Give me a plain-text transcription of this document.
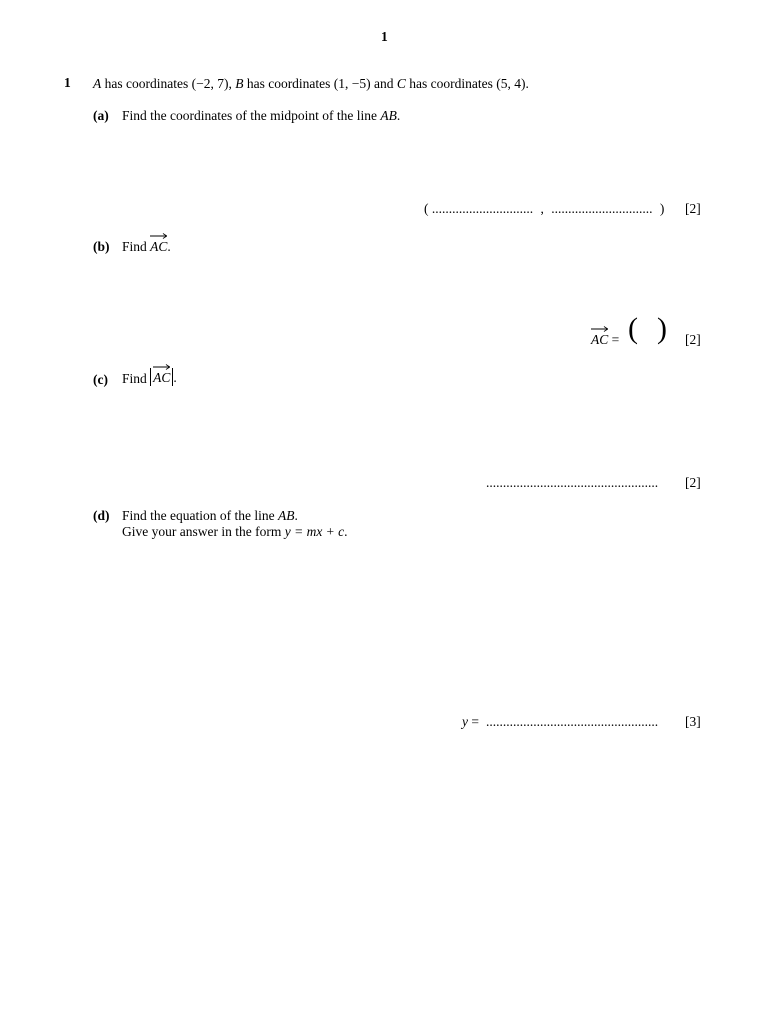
1
1 A has coordinates (−2, 7), B has coordinates (1, −5) and C has coordinates (5, 4).
(a) Find the coordinates of the midpoint of the line AB.
( .............................. , .............................. ) [2]
(b) Find
AC.
AC = ( ) [2]
(c) Find
AC .
................................................... [2]
(d) Find the equation of the line AB.
Give your answer in the form y = mx + c.
y = ................................................... [3]
